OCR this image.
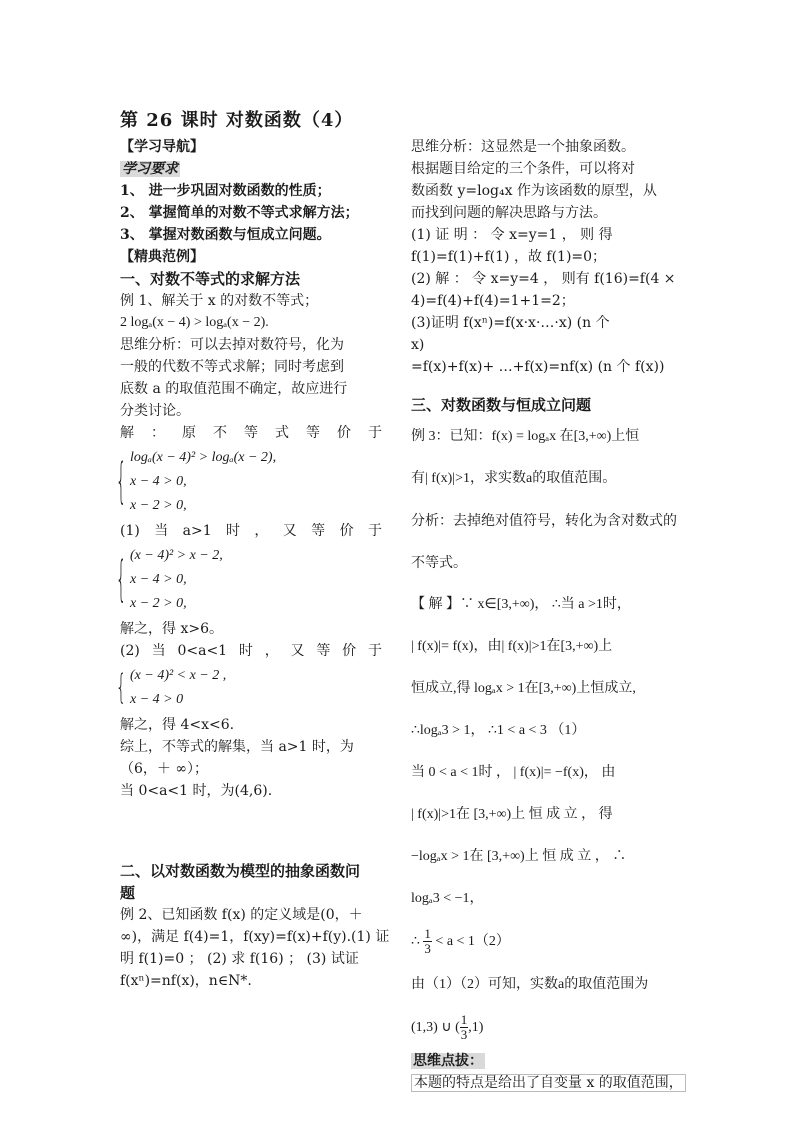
第 26 课时 对数函数（4）

【学习导航】

学习要求

1、 进一步巩固对数函数的性质；

2、 掌握简单的对数不等式求解方法；

3、 掌握对数函数与恒成立问题。

【精典范例】

一、对数不等式的求解方法

例 1、解关于 x 的对数不等式；

2 logₐ(x − 4) > logₐ(x − 2).

思维分析：可以去掉对数符号，化为

一般的代数不等式求解；同时考虑到

底数 a 的取值范围不确定，故应进行

分类讨论。

解 ： 原 不 等 式 等 价 于
{ logₐ(x − 4)² > logₐ(x − 2),
x − 4 > 0,
x − 2 > 0,
(1) 当 a>1 时 ， 又 等 价 于
{ (x − 4)² > x − 2,
x − 4 > 0,
x − 2 > 0,

解之，得 x>6。

(2) 当 0<a<1 时 ， 又 等 价 于
{ (x − 4)² < x − 2 ,
x − 4 > 0

解之，得 4<x<6.

综上，不等式的解集，当 a>1 时，为

（6，＋ ∞）；

当 0<a<1 时，为(4,6).

二、以对数函数为模型的抽象函数问

题

例 2、已知函数 f(x) 的定义域是(0，＋

∞)，满足 f(4)=1，f(xy)=f(x)+f(y).(1) 证

明 f(1)=0 ； (2) 求 f(16) ； (3) 试证

f(xⁿ)=nf(x)，n∈N*.

思维分析：这显然是一个抽象函数。

根据题目给定的三个条件，可以将对

数函数 y=log₄x 作为该函数的原型，从

而找到问题的解决思路与方法。

(1) 证 明 ： 令 x=y=1 ， 则 得

f(1)=f(1)+f(1) ，故 f(1)=0；

(2) 解 ： 令 x=y=4 ， 则有 f(16)=f(4 ×

4)=f(4)+f(4)=1+1=2；

(3)证明 f(xⁿ)=f(x·x·…·x) (n 个

x)

=f(x)+f(x)+ …+f(x)=nf(x) (n 个 f(x))

三、对数函数与恒成立问题

例 3：已知：f(x) = logₐx 在[3,+∞)上恒

有| f(x)|>1，求实数a的取值范围。

分析：去掉绝对值符号，转化为含对数式的

不等式。

【 解 】∵ x∈[3,+∞)， ∴当 a >1时，

| f(x)|= f(x)，由| f(x)|>1在[3,+∞)上

恒成立,得 logₐx > 1在[3,+∞)上恒成立,

∴logₐ3 > 1， ∴1 < a < 3 （1）

当 0 < a < 1时 ， | f(x)|= −f(x)， 由

| f(x)|>1在 [3,+∞)上 恒 成 立 ， 得

−logₐx > 1在 [3,+∞)上 恒 成 立 ， ∴

logₐ3 < −1，

∴ $\frac{1}{3} < a < 1(2)$

由（1）（2）可知，实数a的取值范围为

(1,3) ∪ ( $\frac{1}{3} ,1$)

思维点拔：

本题的特点是给出了自变量 x 的取值范围，
